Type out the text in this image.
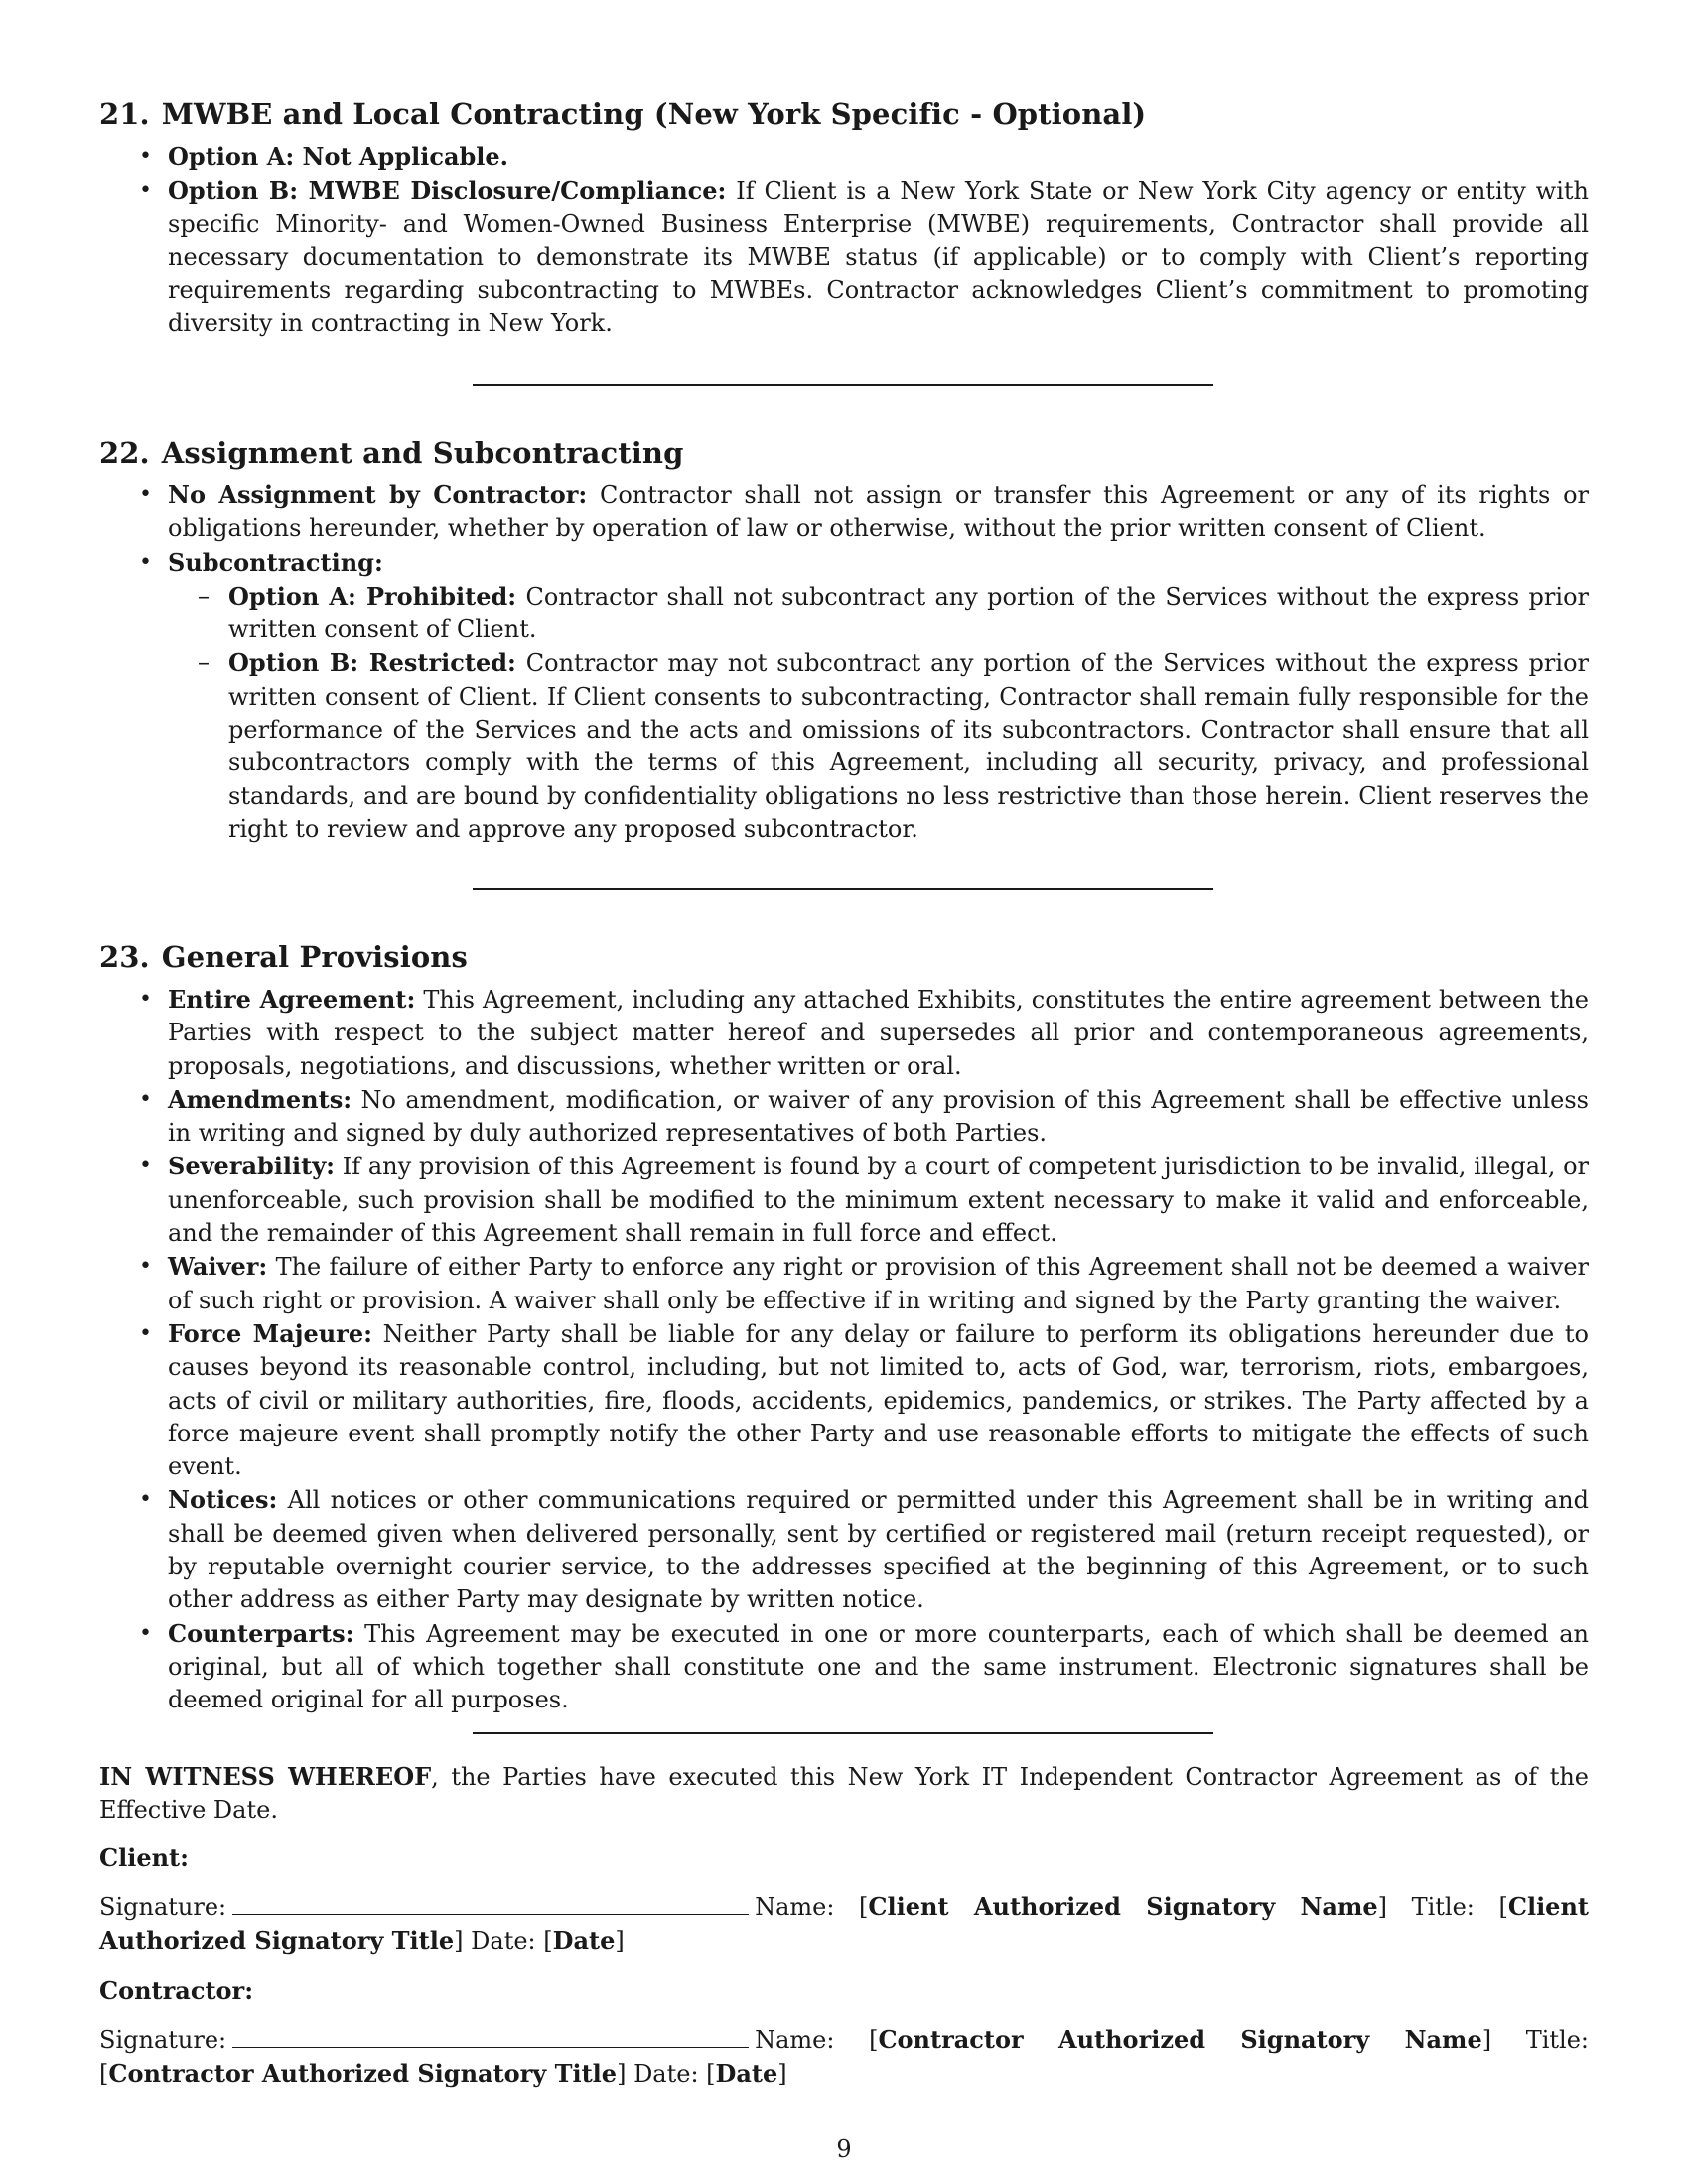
21. MWBE and Local Contracting (New York Specific - Optional)
• Option A: Not Applicable.
• Option B: MWBE Disclosure/Compliance: If Client is a New York State or New York City agency or entity with specific Minority- and Women-Owned Business Enterprise (MWBE) requirements, Contractor shall provide all necessary documentation to demonstrate its MWBE status (if applicable) or to comply with Client’s reporting requirements regarding subcontracting to MWBEs. Contractor acknowledges Client’s commitment to promoting diversity in contracting in New York.
22. Assignment and Subcontracting
• No Assignment by Contractor: Contractor shall not assign or transfer this Agreement or any of its rights or obligations hereunder, whether by operation of law or otherwise, without the prior written consent of Client.
• Subcontracting:
– Option A: Prohibited: Contractor shall not subcontract any portion of the Services without the express prior written consent of Client.
– Option B: Restricted: Contractor may not subcontract any portion of the Services without the express prior written consent of Client. If Client consents to subcontracting, Contractor shall remain fully responsible for the performance of the Services and the acts and omissions of its subcontractors. Contractor shall ensure that all subcontractors comply with the terms of this Agreement, including all security, privacy, and professional standards, and are bound by confidentiality obligations no less restrictive than those herein. Client reserves the right to review and approve any proposed subcontractor.
23. General Provisions
• Entire Agreement: This Agreement, including any attached Exhibits, constitutes the entire agreement between the Parties with respect to the subject matter hereof and supersedes all prior and contemporaneous agreements, proposals, negotiations, and discussions, whether written or oral.
• Amendments: No amendment, modification, or waiver of any provision of this Agreement shall be effective unless in writing and signed by duly authorized representatives of both Parties.
• Severability: If any provision of this Agreement is found by a court of competent jurisdiction to be invalid, illegal, or unenforceable, such provision shall be modified to the minimum extent necessary to make it valid and enforceable, and the remainder of this Agreement shall remain in full force and effect.
• Waiver: The failure of either Party to enforce any right or provision of this Agreement shall not be deemed a waiver of such right or provision. A waiver shall only be effective if in writing and signed by the Party granting the waiver.
• Force Majeure: Neither Party shall be liable for any delay or failure to perform its obligations hereunder due to causes beyond its reasonable control, including, but not limited to, acts of God, war, terrorism, riots, embargoes, acts of civil or military authorities, fire, floods, accidents, epidemics, pandemics, or strikes. The Party affected by a force majeure event shall promptly notify the other Party and use reasonable efforts to mitigate the effects of such event.
• Notices: All notices or other communications required or permitted under this Agreement shall be in writing and shall be deemed given when delivered personally, sent by certified or registered mail (return receipt requested), or by reputable overnight courier service, to the addresses specified at the beginning of this Agreement, or to such other address as either Party may designate by written notice.
• Counterparts: This Agreement may be executed in one or more counterparts, each of which shall be deemed an original, but all of which together shall constitute one and the same instrument. Electronic signatures shall be deemed original for all purposes.

IN WITNESS WHEREOF, the Parties have executed this New York IT Independent Contractor Agreement as of the Effective Date.

Client:
Signature:	Name: [Client Authorized Signatory Name] Title: [Client Authorized Signatory Title] Date: [Date]
Contractor:
Signature:	Name: [Contractor Authorized Signatory Name] Title: [Contractor Authorized Signatory Title] Date: [Date]
9
